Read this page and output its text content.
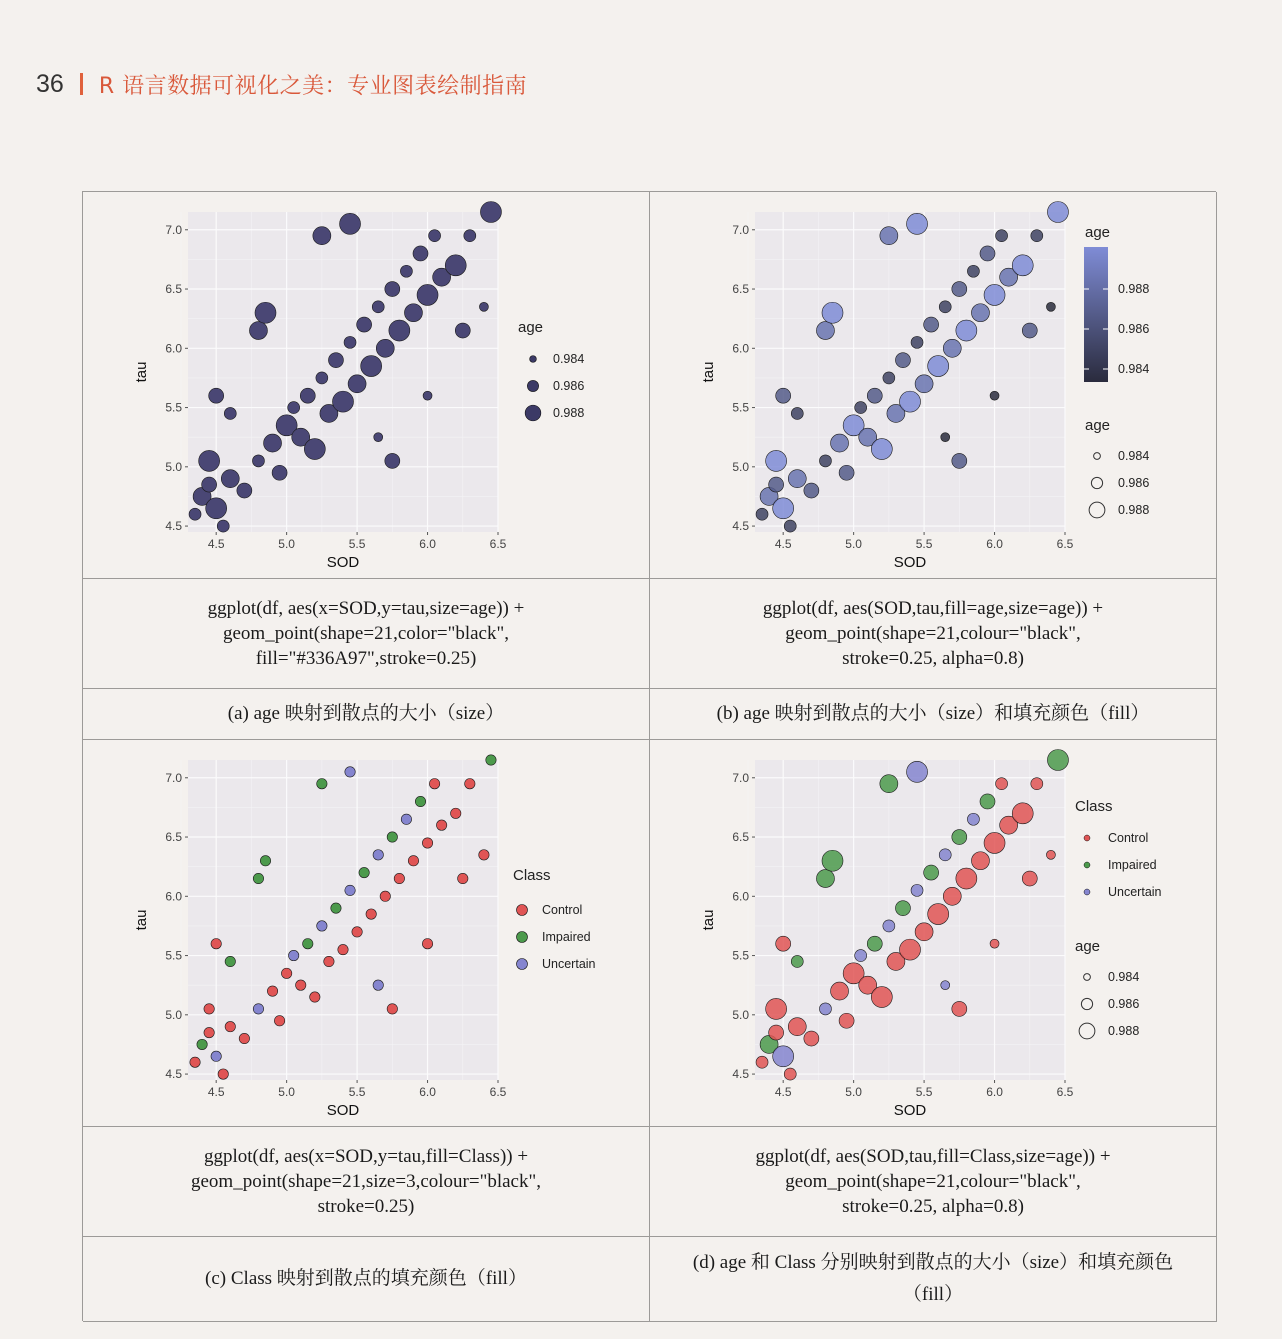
36 R 语言数据可视化之美：专业图表绘制指南
4.5	5.0	5.5	6.0	6.5
4.5
5.0
5.5
6.0
6.5
7.0
SOD
tau
age
0.984
0.986
0.988
4.5	5.0	5.5	6.0	6.5
4.5
5.0
5.5
6.0
6.5
7.0
SOD
tau
age
0.988
0.986
0.984
age
0.984
0.986
0.988
ggplot(df, aes(x=SOD,y=tau,size=age)) +
geom_point(shape=21,color="black",
fill="#336A97",stroke=0.25)
ggplot(df, aes(SOD,tau,fill=age,size=age)) +
geom_point(shape=21,colour="black",
stroke=0.25, alpha=0.8)
(a) age 映射到散点的大小（size）	(b) age 映射到散点的大小（size）和填充颜色（fill）
4.5	5.0	5.5	6.0	6.5
4.5
5.0
5.5
6.0
6.5
7.0
SOD
tau
Class
Control
Impaired
Uncertain
4.5	5.0	5.5	6.0	6.5
4.5
5.0
5.5
6.0
6.5
7.0
SOD
tau
Class
Control
Impaired
Uncertain
age
0.984
0.986
0.988
ggplot(df, aes(x=SOD,y=tau,fill=Class)) +
geom_point(shape=21,size=3,colour="black",
stroke=0.25)
ggplot(df, aes(SOD,tau,fill=Class,size=age)) +
geom_point(shape=21,colour="black",
stroke=0.25, alpha=0.8)
(c) Class 映射到散点的填充颜色（fill）
(d) age 和 Class 分别映射到散点的大小（size）和填充颜色（fill）
